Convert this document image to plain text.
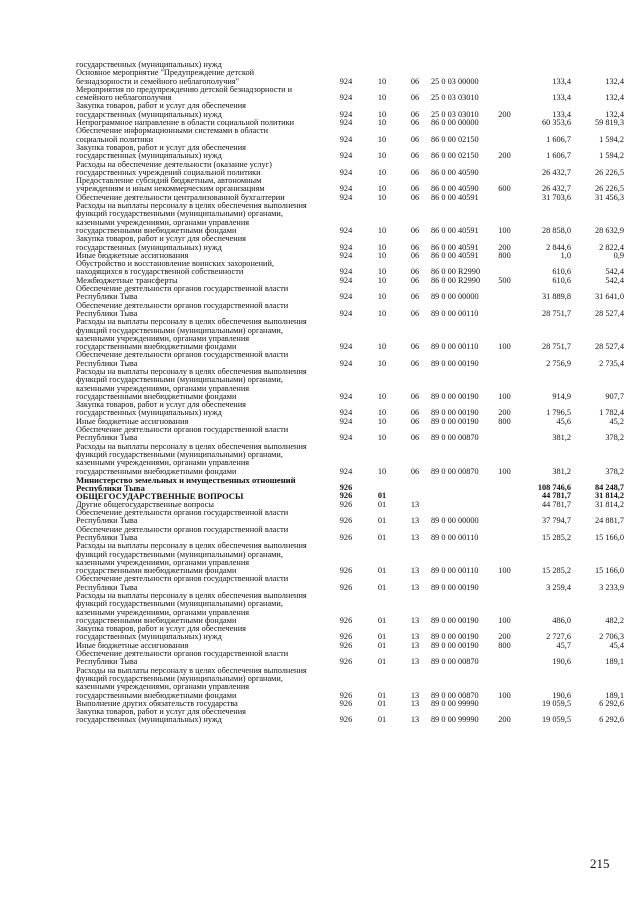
государственных (муниципальных) нужд							
Основное мероприятие "Предупреждение детской
безнадзорности и семейного неблагополучия"	924	10	06	25 0 03 00000		133,4	132,4
Мероприятия по предупреждению детской безнадзорности и
семейного неблагополучия	924	10	06	25 0 03 03010		133,4	132,4
Закупка товаров, работ и услуг для обеспечения
государственных (муниципальных) нужд	924	10	06	25 0 03 03010	200	133,4	132,4
Непрограммное направление в области социальной политики	924	10	06	86 0 00 00000		60 353,6	59 819,3
Обеспечение информационными системами в области
социальной политики	924	10	06	86 0 00 02150		1 606,7	1 594,2
Закупка товаров, работ и услуг для обеспечения
государственных (муниципальных) нужд	924	10	06	86 0 00 02150	200	1 606,7	1 594,2
Расходы на обеспечение деятельности (оказание услуг)
государственных учреждений социальной политики	924	10	06	86 0 00 40590		26 432,7	26 226,5
Предоставление субсидий бюджетным, автономным
учреждениям и иным некоммерческим организациям	924	10	06	86 0 00 40590	600	26 432,7	26 226,5
Обеспечение деятельности централизованной бухгалтерии	924	10	06	86 0 00 40591		31 703,6	31 456,3
Расходы на выплаты персоналу в целях обеспечения выполнения
функций государственными (муниципальными) органами,
казенными учреждениями, органами управления
государственными внебюджетными фондами	924	10	06	86 0 00 40591	100	28 858,0	28 632,9
Закупка товаров, работ и услуг для обеспечения
государственных (муниципальных) нужд	924	10	06	86 0 00 40591	200	2 844,6	2 822,4
Иные бюджетные ассигнования	924	10	06	86 0 00 40591	800	1,0	0,9
Обустройство и восстановление воинских захоронений,
находящихся в государственной собственности	924	10	06	86 0 00 R2990		610,6	542,4
Межбюджетные трансферты	924	10	06	86 0 00 R2990	500	610,6	542,4
Обеспечение деятельности органов государственной власти
Республики Тыва	924	10	06	89 0 00 00000		31 889,8	31 641,0
Обеспечение деятельности органов государственной власти
Республики Тыва	924	10	06	89 0 00 00110		28 751,7	28 527,4
Расходы на выплаты персоналу в целях обеспечения выполнения
функций государственными (муниципальными) органами,
казенными учреждениями, органами управления
государственными внебюджетными фондами	924	10	06	89 0 00 00110	100	28 751,7	28 527,4
Обеспечение деятельности органов государственной власти
Республики Тыва	924	10	06	89 0 00 00190		2 756,9	2 735,4
Расходы на выплаты персоналу в целях обеспечения выполнения
функций государственными (муниципальными) органами,
казенными учреждениями, органами управления
государственными внебюджетными фондами	924	10	06	89 0 00 00190	100	914,9	907,7
Закупка товаров, работ и услуг для обеспечения
государственных (муниципальных) нужд	924	10	06	89 0 00 00190	200	1 796,5	1 782,4
Иные бюджетные ассигнования	924	10	06	89 0 00 00190	800	45,6	45,2
Обеспечение деятельности органов государственной власти
Республики Тыва	924	10	06	89 0 00 00870		381,2	378,2
Расходы на выплаты персоналу в целях обеспечения выполнения
функций государственными (муниципальными) органами,
казенными учреждениями, органами управления
государственными внебюджетными фондами	924	10	06	89 0 00 00870	100	381,2	378,2
Министерство земельных и имущественных отношений
Республики Тыва	926					108 746,6	84 248,7
ОБЩЕГОСУДАРСТВЕННЫЕ ВОПРОСЫ	926	01				44 781,7	31 814,2
Другие общегосударственные вопросы	926	01	13			44 781,7	31 814,2
Обеспечение деятельности органов государственной власти
Республики Тыва	926	01	13	89 0 00 00000		37 794,7	24 881,7
Обеспечение деятельности органов государственной власти
Республики Тыва	926	01	13	89 0 00 00110		15 285,2	15 166,0
Расходы на выплаты персоналу в целях обеспечения выполнения
функций государственными (муниципальными) органами,
казенными учреждениями, органами управления
государственными внебюджетными фондами	926	01	13	89 0 00 00110	100	15 285,2	15 166,0
Обеспечение деятельности органов государственной власти
Республики Тыва	926	01	13	89 0 00 00190		3 259,4	3 233,9
Расходы на выплаты персоналу в целях обеспечения выполнения
функций государственными (муниципальными) органами,
казенными учреждениями, органами управления
государственными внебюджетными фондами	926	01	13	89 0 00 00190	100	486,0	482,2
Закупка товаров, работ и услуг для обеспечения
государственных (муниципальных) нужд	926	01	13	89 0 00 00190	200	2 727,6	2 706,3
Иные бюджетные ассигнования	926	01	13	89 0 00 00190	800	45,7	45,4
Обеспечение деятельности органов государственной власти
Республики Тыва	926	01	13	89 0 00 00870		190,6	189,1
Расходы на выплаты персоналу в целях обеспечения выполнения
функций государственными (муниципальными) органами,
казенными учреждениями, органами управления
государственными внебюджетными фондами	926	01	13	89 0 00 00870	100	190,6	189,1
Выполнение других обязательств государства	926	01	13	89 0 00 99990		19 059,5	6 292,6
Закупка товаров, работ и услуг для обеспечения
государственных (муниципальных) нужд	926	01	13	89 0 00 99990	200	19 059,5	6 292,6
215
